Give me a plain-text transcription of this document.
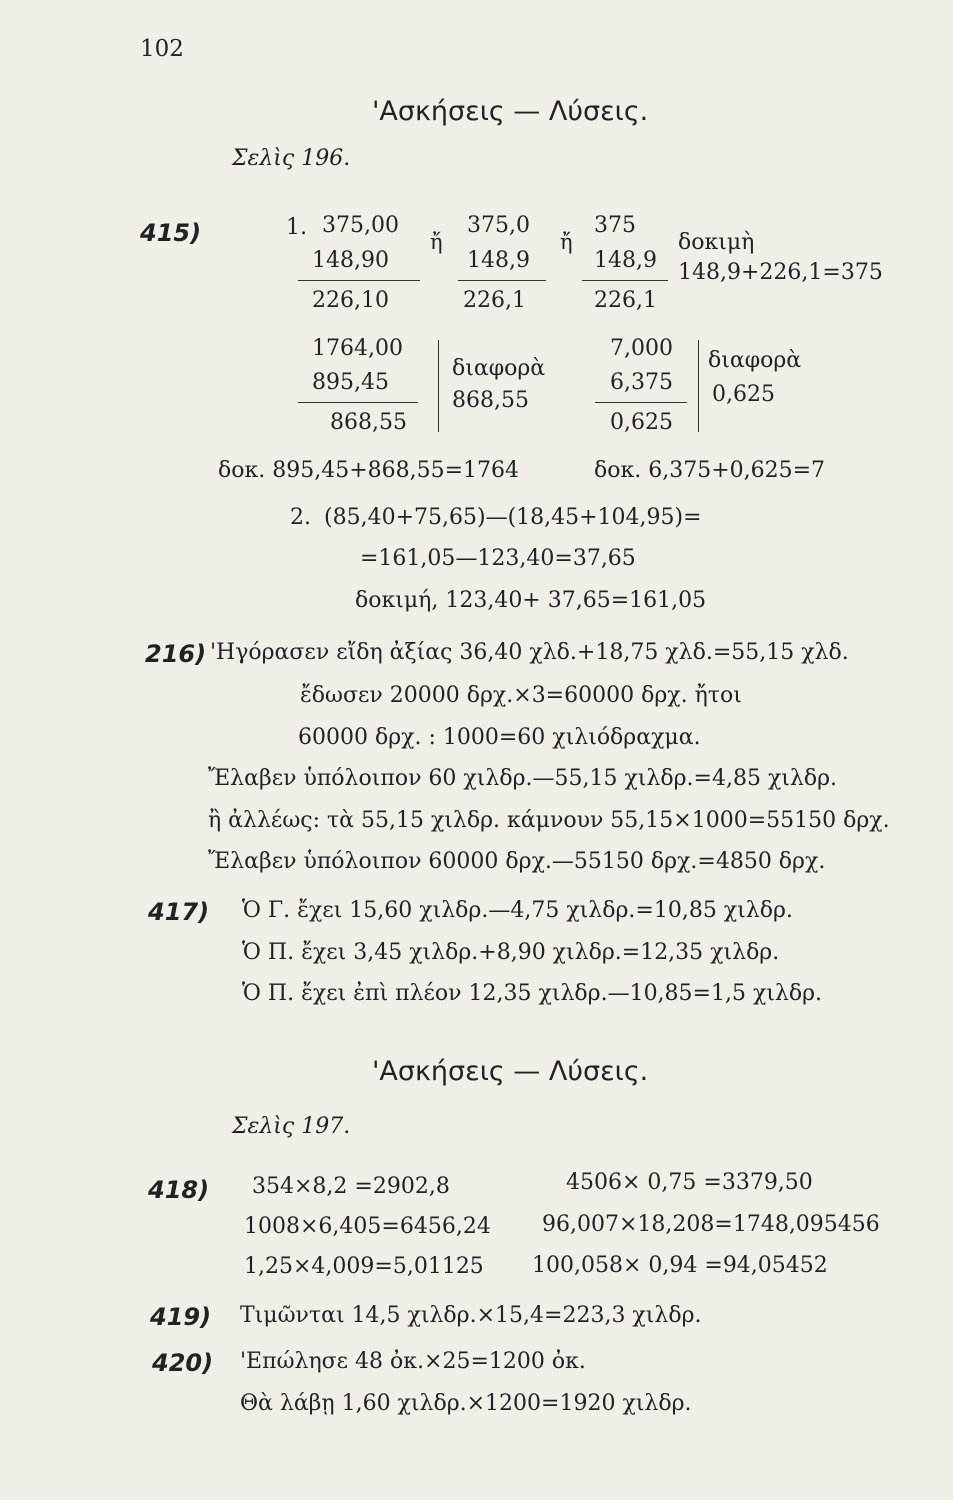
102
'Ασκήσεις — Λύσεις.
Σελὶς 196.
415)	1. 375,00
148,90
226,10
ἤ
375,0
148,9
226,1
ἤ
375
148,9
226,1
δοκιμὴ
148,9+226,1=375
1764,00
895,45
868,55
διαφορὰ
868,55
7,000
6,375
0,625
διαφορὰ
0,625
δοκ. 895,45+868,55=1764	δοκ. 6,375+0,625=7
2. (85,40+75,65)—(18,45+104,95)=
=161,05—123,40=37,65
δοκιμή, 123,40+ 37,65=161,05
216) 'Ηγόρασεν εἴδη ἀξίας 36,40 χλδ.+18,75 χλδ.=55,15 χλδ.
ἔδωσεν 20000 δρχ.×3=60000 δρχ. ἤτοι
60000 δρχ. : 1000=60 χιλιόδραχμα.
Ἔλαβεν ὑπόλοιπον 60 χιλδρ.—55,15 χιλδρ.=4,85 χιλδρ.
ἢ ἀλλέως: τὰ 55,15 χιλδρ. κάμνουν 55,15×1000=55150 δρχ.
Ἔλαβεν ὑπόλοιπον 60000 δρχ.—55150 δρχ.=4850 δρχ.
417) Ὁ Γ. ἔχει 15,60 χιλδρ.—4,75 χιλδρ.=10,85 χιλδρ.
Ὁ Π. ἔχει 3,45 χιλδρ.+8,90 χιλδρ.=12,35 χιλδρ.
Ὁ Π. ἔχει ἐπὶ πλέον 12,35 χιλδρ.—10,85=1,5 χιλδρ.
'Ασκήσεις — Λύσεις.
Σελὶς 197.
418) 354×8,2 =2902,8
1008×6,405=6456,24
1,25×4,009=5,01125
4506× 0,75 =3379,50
96,007×18,208=1748,095456
100,058× 0,94 =94,05452
419) Τιμῶνται 14,5 χιλδρ.×15,4=223,3 χιλδρ.
420) 'Επώλησε 48 ὀκ.×25=1200 ὀκ.
Θὰ λάβῃ 1,60 χιλδρ.×1200=1920 χιλδρ.
